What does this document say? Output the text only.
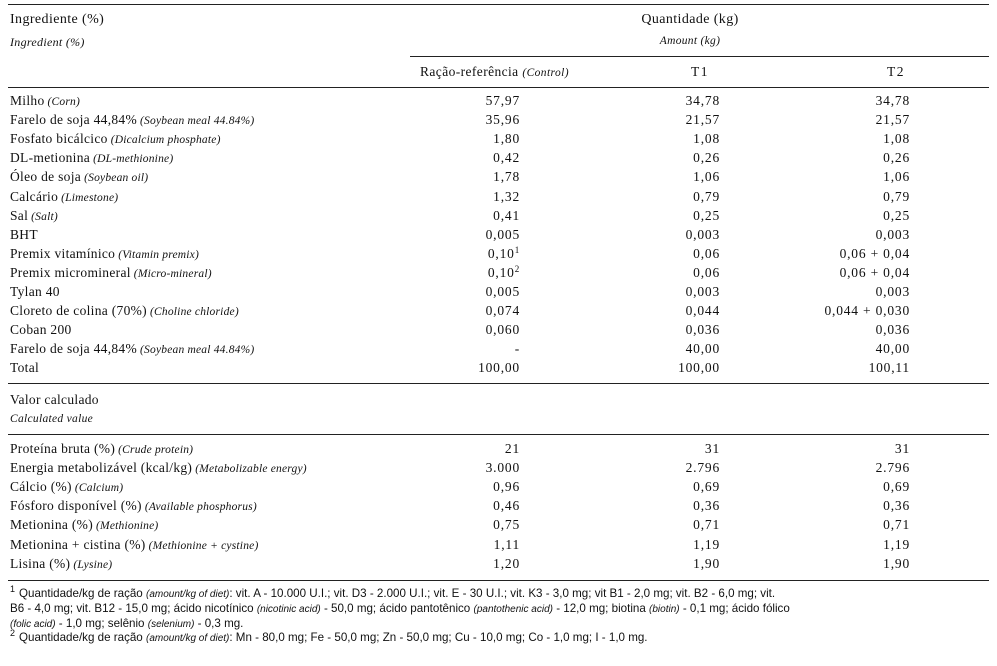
Ingrediente (%)
Ingredient (%)
Quantidade (kg)
Amount (kg)
Ração-referência (Control)	T1	T2
Milho (Corn)	57,97	34,78	34,78
Farelo de soja 44,84% (Soybean meal 44.84%)	35,96	21,57	21,57
Fosfato bicálcico (Dicalcium phosphate)	1,80	1,08	1,08
DL-metionina (DL-methionine)	0,42	0,26	0,26
Óleo de soja (Soybean oil)	1,78	1,06	1,06
Calcário (Limestone)	1,32	0,79	0,79
Sal (Salt)	0,41	0,25	0,25
BHT	0,005	0,003	0,003
Premix vitamínico (Vitamin premix)	0,10$^1$	0,06	0,06 + 0,04
Premix micromineral (Micro-mineral)	0,10$^2$	0,06	0,06 + 0,04
Tylan 40	0,005	0,003	0,003
Cloreto de colina (70%) (Choline chloride)	0,074	0,044	0,044 + 0,030
Coban 200	0,060	0,036	0,036
Farelo de soja 44,84% (Soybean meal 44.84%)	-	40,00	40,00
Total	100,00	100,00	100,11
Valor calculado
Calculated value
Proteína bruta (%) (Crude protein)	21	31	31
Energia metabolizável (kcal/kg) (Metabolizable energy)	3.000	2.796	2.796
Cálcio (%) (Calcium)	0,96	0,69	0,69
Fósforo disponível (%) (Available phosphorus)	0,46	0,36	0,36
Metionina (%) (Methionine)	0,75	0,71	0,71
Metionina + cistina (%) (Methionine + cystine)	1,11	1,19	1,19
Lisina (%) (Lysine)	1,20	1,90	1,90
1 Quantidade/kg de ração (amount/kg of diet): vit. A - 10.000 U.I.; vit. D3 - 2.000 U.I.; vit. E - 30 U.I.; vit. K3 - 3,0 mg; vit B1 - 2,0 mg; vit. B2 - 6,0 mg; vit.
B6 - 4,0 mg; vit. B12 - 15,0 mg; ácido nicotínico (nicotinic acid) - 50,0 mg; ácido pantotênico (pantothenic acid) - 12,0 mg; biotina (biotin) - 0,1 mg; ácido fólico
(folic acid) - 1,0 mg; selênio (selenium) - 0,3 mg.
2 Quantidade/kg de ração (amount/kg of diet): Mn - 80,0 mg; Fe - 50,0 mg; Zn - 50,0 mg; Cu - 10,0 mg; Co - 1,0 mg; I - 1,0 mg.
